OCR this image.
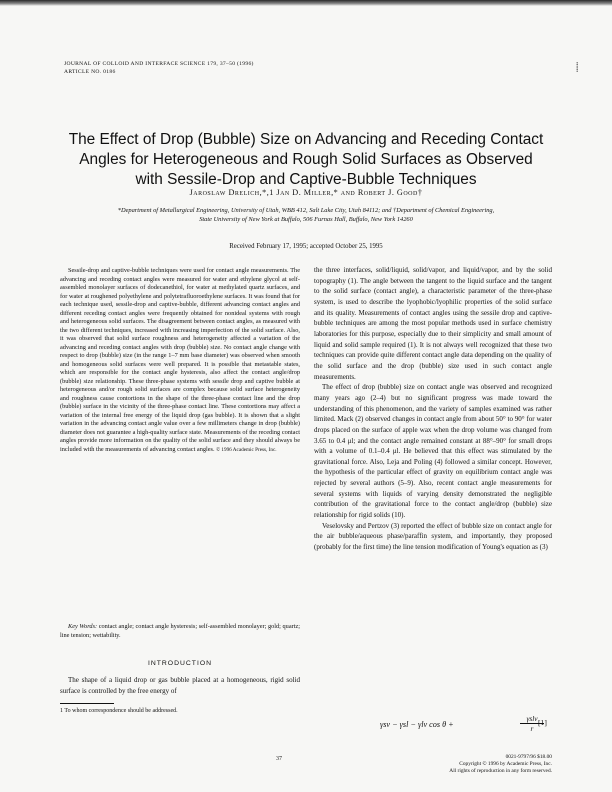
JOURNAL OF COLLOID AND INTERFACE SCIENCE 179, 37–50 (1996)
ARTICLE NO. 0186	⸽
The Effect of Drop (Bubble) Size on Advancing and Receding Contact
Angles for Heterogeneous and Rough Solid Surfaces as Observed
with Sessile-Drop and Captive-Bubble Techniques
Jaroslaw Drelich,*,1 Jan D. Miller,* and Robert J. Good†
*Department of Metallurgical Engineering, University of Utah, WBB 412, Salt Lake City, Utah 84112; and †Department of Chemical Engineering,
State University of New York at Buffalo, 506 Furnas Hall, Buffalo, New York 14260
Received February 17, 1995; accepted October 25, 1995

Sessile-drop and captive-bubble techniques were used for contact angle measurements. The advancing and receding contact angles were measured for water and ethylene glycol at self-assembled monolayer surfaces of dodecanethiol, for water at methylated quartz surfaces, and for water at roughened polyethylene and polytetrafluoroethylene surfaces. It was found that for each technique used, sessile-drop and captive-bubble, different advancing contact angles and different receding contact angles were frequently obtained for nonideal systems with rough and heterogeneous solid surfaces. The disagreement between contact angles, as measured with the two different techniques, increased with increasing imperfection of the solid surface. Also, it was observed that solid surface roughness and heterogeneity affected a variation of the advancing and receding contact angles with drop (bubble) size. No contact angle change with respect to drop (bubble) size (in the range 1–7 mm base diameter) was observed when smooth and homogeneous solid surfaces were well prepared. It is possible that metastable states, which are responsible for the contact angle hysteresis, also affect the contact angle/drop (bubble) size relationship. These three-phase systems with sessile drop and captive bubble at heterogeneous and/or rough solid surfaces are complex because solid surface heterogeneity and roughness cause contortions in the shape of the three-phase contact line and the drop (bubble) surface in the vicinity of the three-phase contact line. These contortions may affect a variation of the internal free energy of the liquid drop (gas bubble). It is shown that a slight variation in the advancing contact angle value over a few millimeters change in drop (bubble) diameter does not guarantee a high-quality surface state. Measurements of the receding contact angles provide more information on the quality of the solid surface and they should always be included with the measurements of advancing contact angles. © 1996 Academic Press, Inc.

Key Words: contact angle; contact angle hysteresis; self-assembled monolayer; gold; quartz; line tension; wettability.

INTRODUCTION

The shape of a liquid drop or gas bubble placed at a homogeneous, rigid solid surface is controlled by the free energy of

1 To whom correspondence should be addressed.

the three interfaces, solid/liquid, solid/vapor, and liquid/vapor, and by the solid topography (1). The angle between the tangent to the liquid surface and the tangent to the solid surface (contact angle), a characteristic parameter of the three-phase system, is used to describe the lyophobic/lyophilic properties of the solid surface and its quality. Measurements of contact angles using the sessile drop and captive-bubble techniques are among the most popular methods used in surface chemistry laboratories for this purpose, especially due to their simplicity and small amount of liquid and solid sample required (1). It is not always well recognized that these two techniques can provide quite different contact angle data depending on the quality of the solid surface and the drop (bubble) size used in such contact angle measurements.

The effect of drop (bubble) size on contact angle was observed and recognized many years ago (2–4) but no significant progress was made toward the understanding of this phenomenon, and the variety of samples examined was rather limited. Mack (2) observed changes in contact angle from about 50° to 90° for water drops placed on the surface of apple wax when the drop volume was changed from 3.65 to 0.4 μl; and the contact angle remained constant at 88°–90° for small drops with a volume of 0.1–0.4 μl. He believed that this effect was stimulated by the gravitational force. Also, Leja and Poling (4) followed a similar concept. However, the hypothesis of the particular effect of gravity on equilibrium contact angle was rejected by several authors (5–9). Also, recent contact angle measurements for several systems with liquids of varying density demonstrated the negligible contribution of the gravitational force to the contact angle/drop (bubble) size relationship for rigid solids (10).

Veselovsky and Pertzov (3) reported the effect of bubble size on contact angle for the air bubble/aqueous phase/paraffin system, and importantly, they proposed (probably for the first time) the line tension modification of Young's equation as (3)

γsv − γsl − γlv cos θ +
γslv
r
[1]
37	0021-9797/96 $18.00
Copyright © 1996 by Academic Press, Inc.
All rights of reproduction in any form reserved.
